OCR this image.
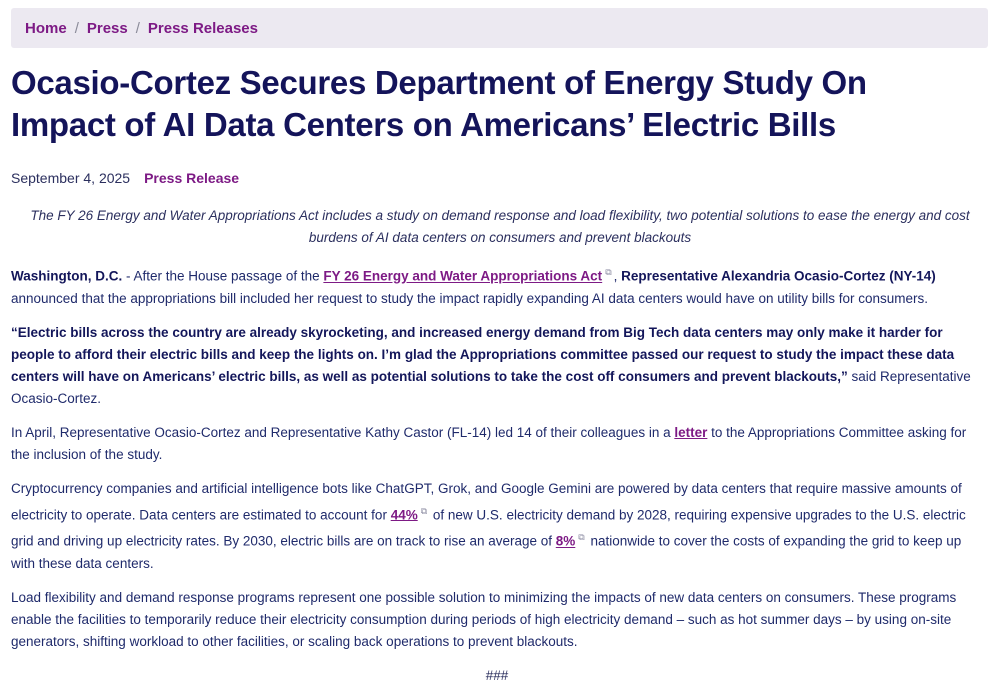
Home / Press / Press Releases
Ocasio-Cortez Secures Department of Energy Study On Impact of AI Data Centers on Americans’ Electric Bills
September 4, 2025 Press Release
The FY 26 Energy and Water Appropriations Act includes a study on demand response and load flexibility, two potential solutions to ease the energy and cost burdens of AI data centers on consumers and prevent blackouts

Washington, D.C. - After the House passage of the FY 26 Energy and Water Appropriations Act ⧉ , Representative Alexandria Ocasio-Cortez (NY-14) announced that the appropriations bill included her request to study the impact rapidly expanding AI data centers would have on utility bills for consumers.

“Electric bills across the country are already skyrocketing, and increased energy demand from Big Tech data centers may only make it harder for people to afford their electric bills and keep the lights on. I’m glad the Appropriations committee passed our request to study the impact these data centers will have on Americans’ electric bills, as well as potential solutions to take the cost off consumers and prevent blackouts,” said Representative Ocasio-Cortez.

In April, Representative Ocasio-Cortez and Representative Kathy Castor (FL-14) led 14 of their colleagues in a letter to the Appropriations Committee asking for the inclusion of the study.

Cryptocurrency companies and artificial intelligence bots like ChatGPT, Grok, and Google Gemini are powered by data centers that require massive amounts of electricity to operate. Data centers are estimated to account for 44% ⧉ of new U.S. electricity demand by 2028, requiring expensive upgrades to the U.S. electric grid and driving up electricity rates. By 2030, electric bills are on track to rise an average of 8% ⧉ nationwide to cover the costs of expanding the grid to keep up with these data centers.

Load flexibility and demand response programs represent one possible solution to minimizing the impacts of new data centers on consumers. These programs enable the facilities to temporarily reduce their electricity consumption during periods of high electricity demand – such as hot summer days – by using on-site generators, shifting workload to other facilities, or scaling back operations to prevent blackouts.

###
